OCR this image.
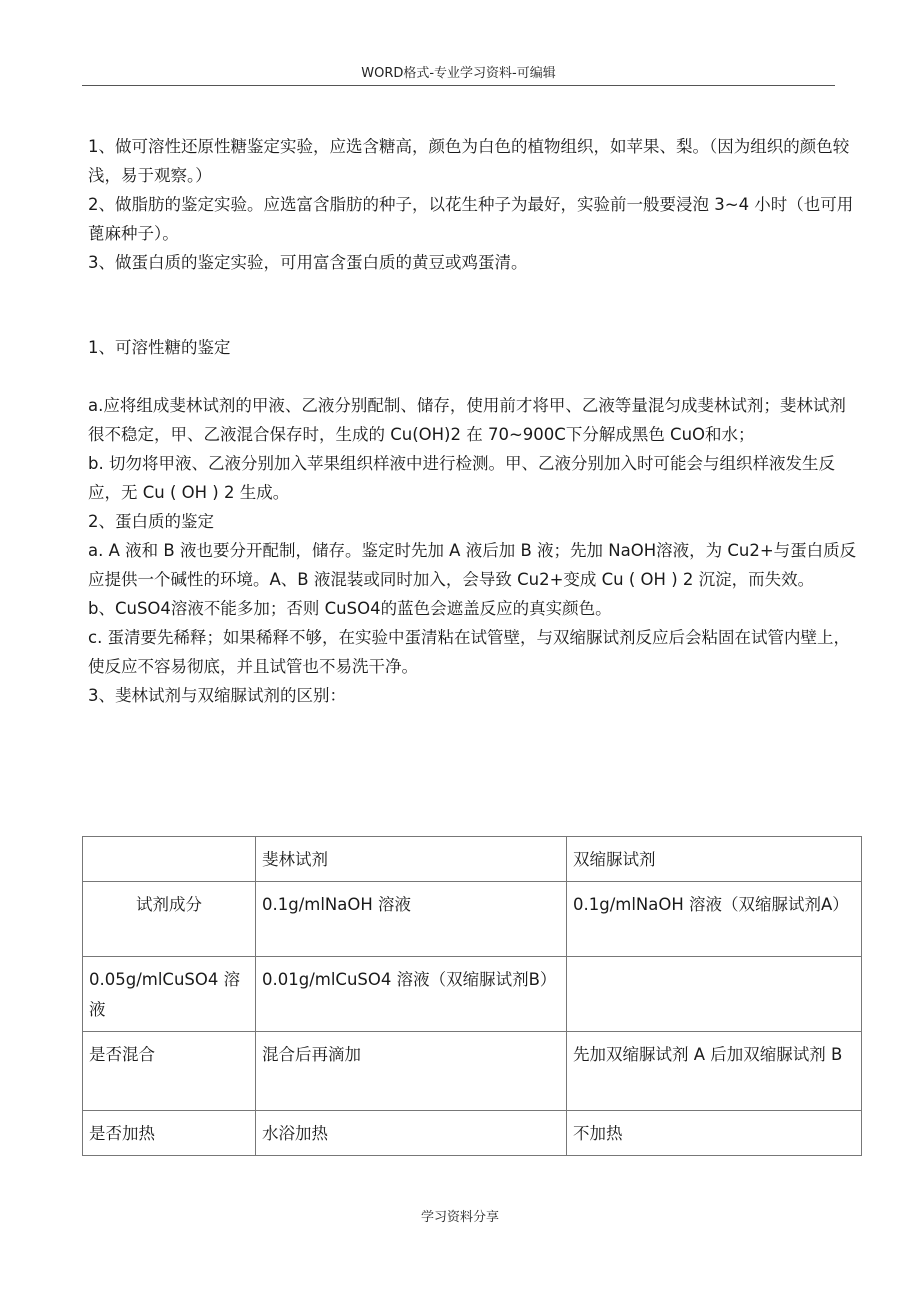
WORD格式-专业学习资料-可编辑

1、做可溶性还原性糖鉴定实验，应选含糖高，颜色为白色的植物组织，如苹果、梨。（因为组织的颜色较浅，易于观察。）

2、做脂肪的鉴定实验。应选富含脂肪的种子，以花生种子为最好，实验前一般要浸泡 3~4 小时（也可用蓖麻种子）。

3、做蛋白质的鉴定实验，可用富含蛋白质的黄豆或鸡蛋清。

1、可溶性糖的鉴定

a.应将组成斐林试剂的甲液、乙液分别配制、储存，使用前才将甲、乙液等量混匀成斐林试剂；斐林试剂很不稳定，甲、乙液混合保存时，生成的 Cu(OH)2 在 70~900C下分解成黑色 CuO和水；

b. 切勿将甲液、乙液分别加入苹果组织样液中进行检测。甲、乙液分别加入时可能会与组织样液发生反应，无 Cu ( OH ) 2 生成。

2、蛋白质的鉴定

a. A 液和 B 液也要分开配制，储存。鉴定时先加 A 液后加 B 液；先加 NaOH溶液，为 Cu2+与蛋白质反应提供一个碱性的环境。A、B 液混装或同时加入，会导致 Cu2+变成 Cu ( OH ) 2 沉淀，而失效。

b、CuSO4溶液不能多加；否则 CuSO4的蓝色会遮盖反应的真实颜色。

c. 蛋清要先稀释；如果稀释不够，在实验中蛋清粘在试管壁，与双缩脲试剂反应后会粘固在试管内壁上，使反应不容易彻底，并且试管也不易洗干净。

3、斐林试剂与双缩脲试剂的区别：

	斐林试剂	双缩脲试剂
试剂成分	0.1g/mlNaOH 溶液	0.1g/mlNaOH 溶液（双缩脲试剂A）
0.05g/mlCuSO4 溶液	0.01g/mlCuSO4 溶液（双缩脲试剂B）	
是否混合	混合后再滴加	先加双缩脲试剂 A 后加双缩脲试剂 B
是否加热	水浴加热	不加热
学习资料分享
